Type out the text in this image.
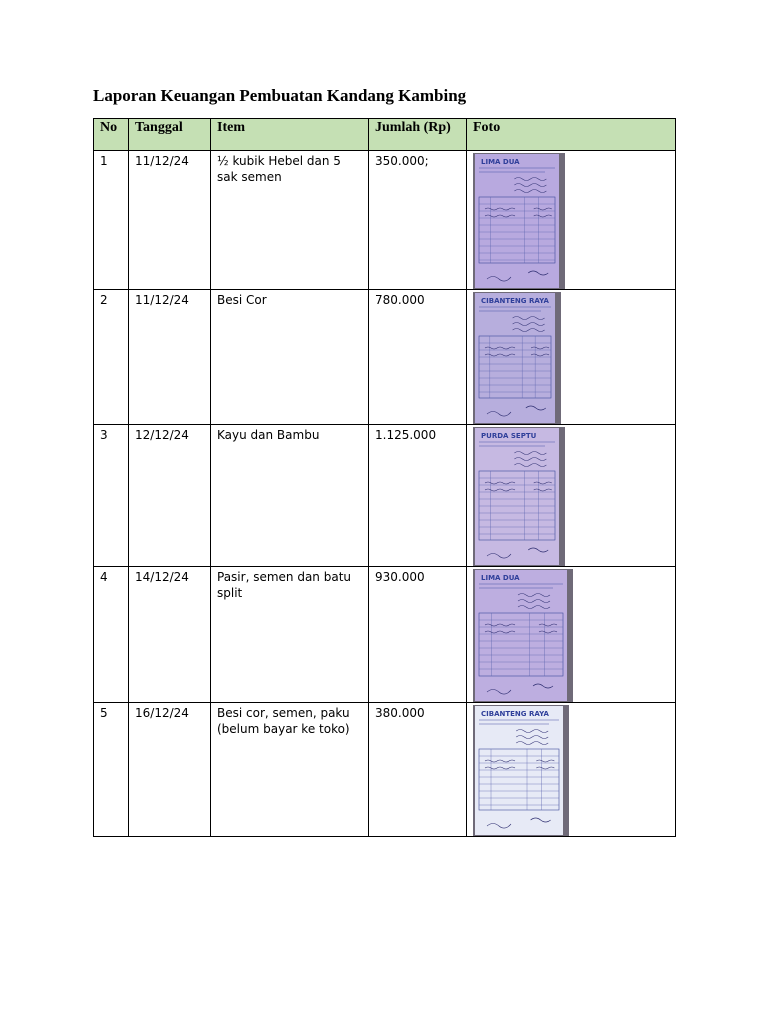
Laporan Keuangan Pembuatan Kandang Kambing
No	Tanggal	Item	Jumlah (Rp)	Foto
1	11/12/24	½ kubik Hebel dan 5 sak semen	350.000;	LIMA DUA

2	11/12/24	Besi Cor	780.000	CIBANTENG RAYA

3	12/12/24	Kayu dan Bambu	1.125.000	PURDA SEPTU

4	14/12/24	Pasir, semen dan batu split	930.000	LIMA DUA

5	16/12/24	Besi cor, semen, paku (belum bayar ke toko)	380.000	CIBANTENG RAYA
